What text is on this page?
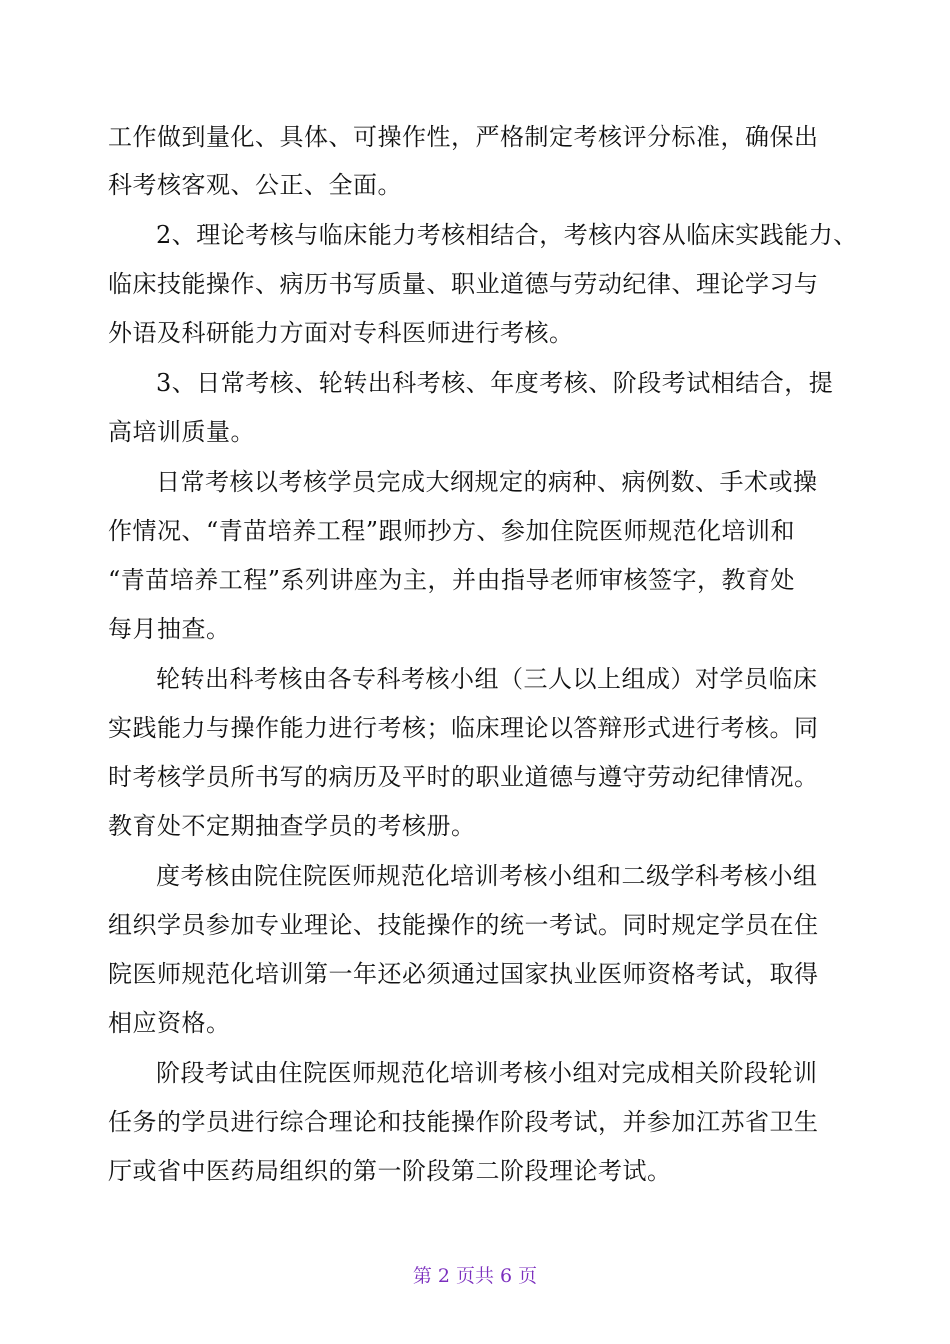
工作做到量化、具体、可操作性，严格制定考核评分标准，确保出
科考核客观、公正、全面。
2、理论考核与临床能力考核相结合，考核内容从临床实践能力、
临床技能操作、病历书写质量、职业道德与劳动纪律、理论学习与
外语及科研能力方面对专科医师进行考核。
3、日常考核、轮转出科考核、年度考核、阶段考试相结合，提
高培训质量。
日常考核以考核学员完成大纲规定的病种、病例数、手术或操
作情况、“青苗培养工程”跟师抄方、参加住院医师规范化培训和
“青苗培养工程”系列讲座为主，并由指导老师审核签字，教育处
每月抽查。
轮转出科考核由各专科考核小组（三人以上组成）对学员临床
实践能力与操作能力进行考核；临床理论以答辩形式进行考核。同
时考核学员所书写的病历及平时的职业道德与遵守劳动纪律情况。
教育处不定期抽查学员的考核册。
度考核由院住院医师规范化培训考核小组和二级学科考核小组
组织学员参加专业理论、技能操作的统一考试。同时规定学员在住
院医师规范化培训第一年还必须通过国家执业医师资格考试，取得
相应资格。
阶段考试由住院医师规范化培训考核小组对完成相关阶段轮训
任务的学员进行综合理论和技能操作阶段考试，并参加江苏省卫生
厅或省中医药局组织的第一阶段第二阶段理论考试。
第 2 页共 6 页
